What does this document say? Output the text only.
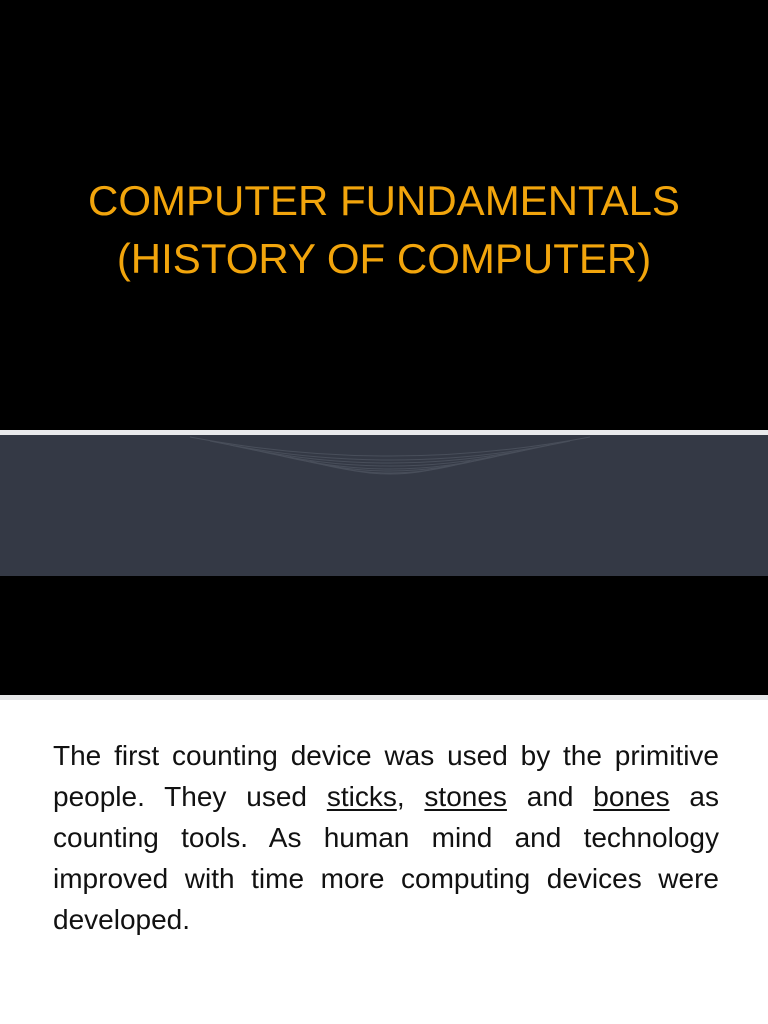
COMPUTER FUNDAMENTALS
(HISTORY OF COMPUTER)

The first counting device was used by the primitive people. They used sticks, stones and bones as counting tools. As human mind and technology improved with time more computing devices were developed.
